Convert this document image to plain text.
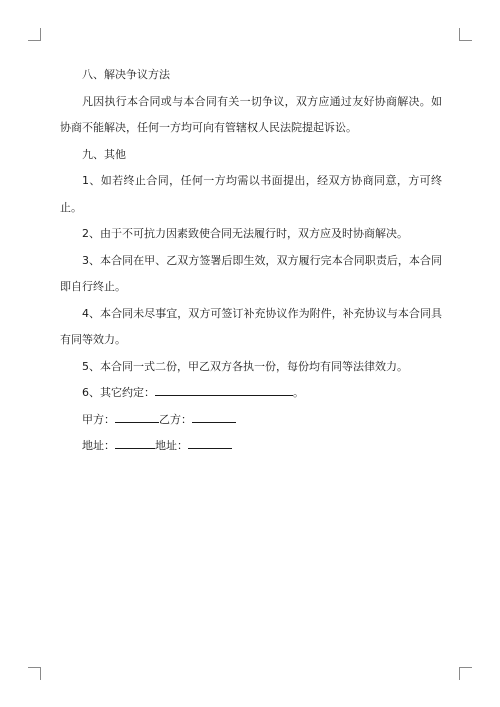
八、解决争议方法

凡因执行本合同或与本合同有关一切争议，双方应通过友好协商解决。如协商不能解决，任何一方均可向有管辖权人民法院提起诉讼。

九、其他

1、如若终止合同，任何一方均需以书面提出，经双方协商同意，方可终止。

2、由于不可抗力因素致使合同无法履行时，双方应及时协商解决。

3、本合同在甲、乙双方签署后即生效，双方履行完本合同职责后，本合同即自行终止。

4、本合同未尽事宜，双方可签订补充协议作为附件，补充协议与本合同具有同等效力。

5、本合同一式二份，甲乙双方各执一份，每份均有同等法律效力。

6、其它约定：	。

甲方：	乙方：

地址：	地址：
